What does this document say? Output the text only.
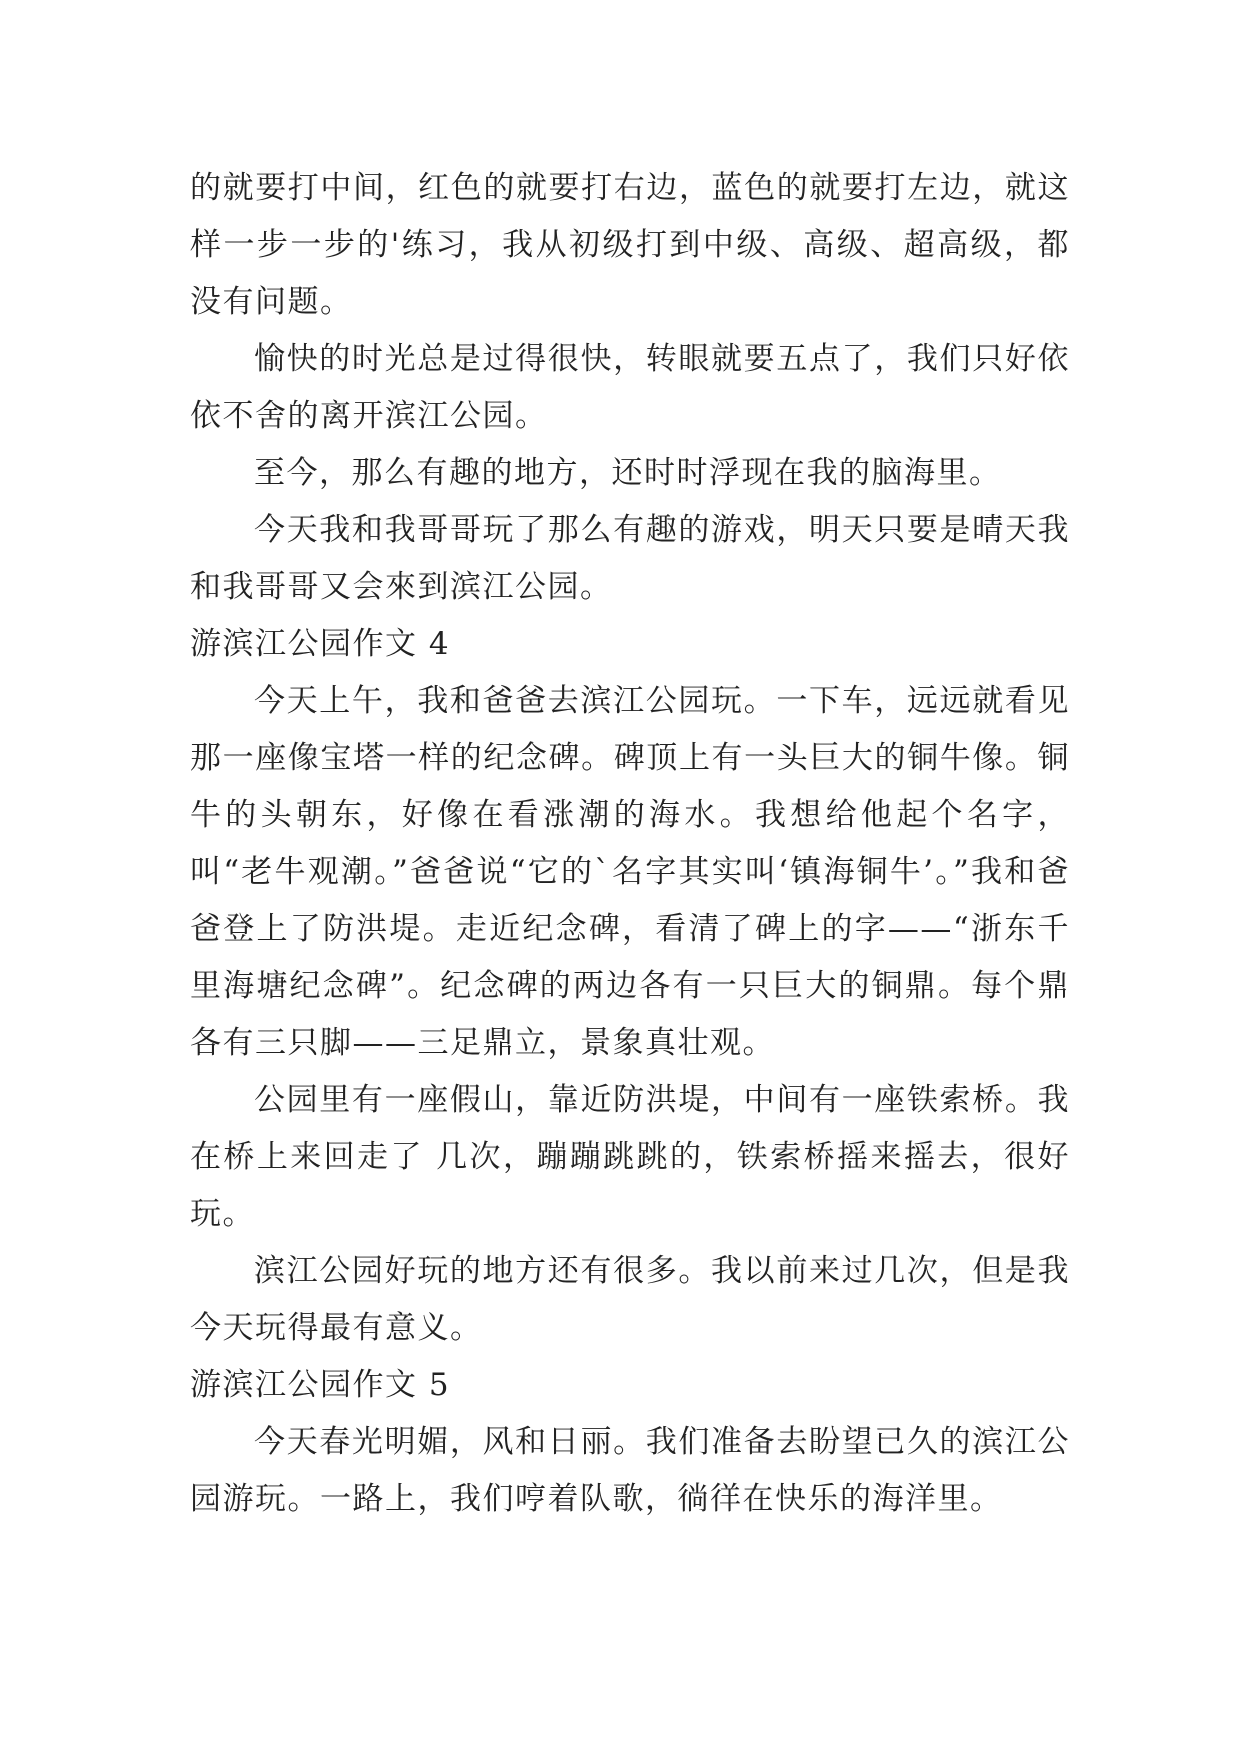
的就要打中间，红色的就要打右边，蓝色的就要打左边，就这样一步一步的'练习，我从初级打到中级、高级、超高级，都没有问题。

愉快的时光总是过得很快，转眼就要五点了，我们只好依依不舍的离开滨江公园。

至今，那么有趣的地方，还时时浮现在我的脑海里。

今天我和我哥哥玩了那么有趣的游戏，明天只要是晴天我和我哥哥又会來到滨江公园。

游滨江公园作文 4

今天上午，我和爸爸去滨江公园玩。一下车，远远就看见那一座像宝塔一样的纪念碑。碑顶上有一头巨大的铜牛像。铜牛的头朝东，好像在看涨潮的海水。我想给他起个名字，叫“老牛观潮。”爸爸说“它的`名字其实叫‘镇海铜牛’。”我和爸爸登上了防洪堤。走近纪念碑，看清了碑上的字——“浙东千里海塘纪念碑”。纪念碑的两边各有一只巨大的铜鼎。每个鼎各有三只脚——三足鼎立，景象真壮观。

公园里有一座假山，靠近防洪堤，中间有一座铁索桥。我在桥上来回走了 几次，蹦蹦跳跳的，铁索桥摇来摇去，很好玩。

滨江公园好玩的地方还有很多。我以前来过几次，但是我今天玩得最有意义。

游滨江公园作文 5

今天春光明媚，风和日丽。我们准备去盼望已久的滨江公园游玩。一路上，我们哼着队歌，徜徉在快乐的海洋里。
